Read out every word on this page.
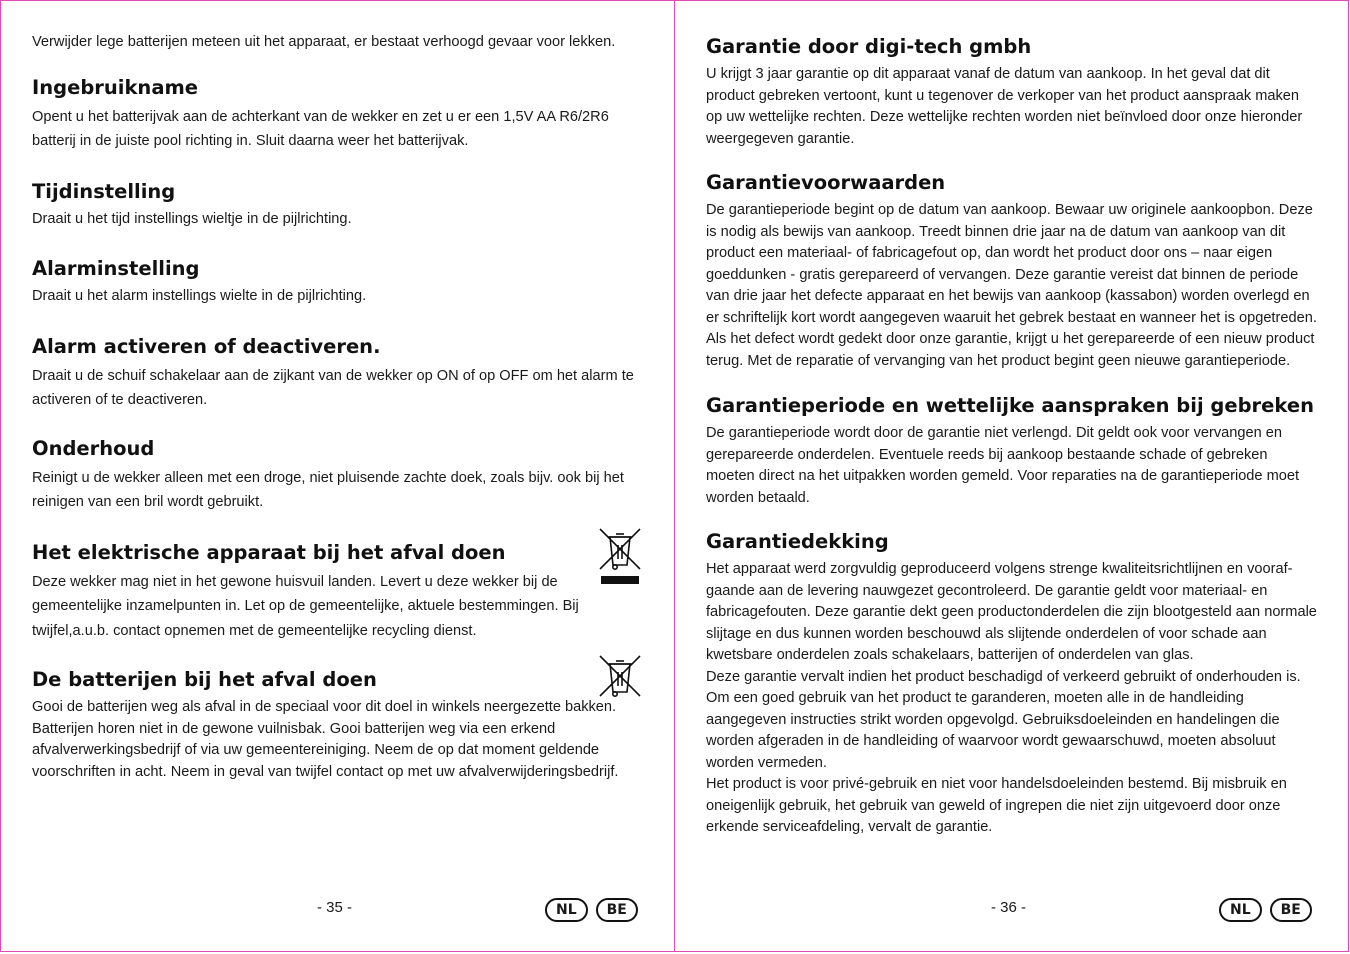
Verwijder lege batterijen meteen uit het apparaat, er bestaat verhoogd gevaar voor lekken.

Ingebruikname

Opent u het batterijvak aan de achterkant van de wekker en zet u er een 1,5V AA R6/2R6 batterij in de juiste pool richting in. Sluit daarna weer het batterijvak.

Tijdinstelling

Draait u het tijd instellings wieltje in de pijlrichting.

Alarminstelling

Draait u het alarm instellings wielte in de pijlrichting.

Alarm activeren of deactiveren.

Draait u de schuif schakelaar aan de zijkant van de wekker op ON of op OFF om het alarm te activeren of te deactiveren.

Onderhoud

Reinigt u de wekker alleen met een droge, niet pluisende zachte doek, zoals bijv. ook bij het reinigen van een bril wordt gebruikt.

Het elektrische apparaat bij het afval doen

Deze wekker mag niet in het gewone huisvuil landen. Levert u deze wekker bij de gemeentelijke inzamelpunten in. Let op de gemeentelijke, aktuele bestemmingen. Bij twijfel,a.u.b. contact opnemen met de gemeentelijke recycling dienst.

De batterijen bij het afval doen

Gooi de batterijen weg als afval in de speciaal voor dit doel in winkels neergezette bakken. Batterijen horen niet in de gewone vuilnisbak. Gooi batterijen weg via een erkend afvalverwerkingsbedrijf of via uw gemeentereiniging. Neem de op dat moment geldende voorschriften in acht. Neem in geval van twijfel contact op met uw afvalverwijderingsbedrijf.

- 35 -	NL	BE
Garantie door digi-tech gmbh

U krijgt 3 jaar garantie op dit apparaat vanaf de datum van aankoop. In het geval dat dit product gebreken vertoont, kunt u tegenover de verkoper van het product aanspraak maken op uw wettelijke rechten. Deze wettelijke rechten worden niet beïnvloed door onze hieronder weergegeven garantie.

Garantievoorwaarden

De garantieperiode begint op de datum van aankoop. Bewaar uw originele aankoopbon. Deze is nodig als bewijs van aankoop. Treedt binnen drie jaar na de datum van aankoop van dit product een materiaal- of fabricagefout op, dan wordt het product door ons – naar eigen goeddunken - gratis gerepareerd of vervangen. Deze garantie vereist dat binnen de periode van drie jaar het defecte apparaat en het bewijs van aankoop (kassabon) worden overlegd en er schriftelijk kort wordt aangegeven waaruit het gebrek bestaat en wanneer het is opgetreden. Als het defect wordt gedekt door onze garantie, krijgt u het gerepareerde of een nieuw product terug. Met de reparatie of vervanging van het product begint geen nieuwe garantieperiode.

Garantieperiode en wettelijke aanspraken bij gebreken

De garantieperiode wordt door de garantie niet verlengd. Dit geldt ook voor vervangen en gerepareerde onderdelen. Eventuele reeds bij aankoop bestaande schade of gebreken moeten direct na het uitpakken worden gemeld. Voor reparaties na de garantieperiode moet worden betaald.

Garantiedekking

Het apparaat werd zorgvuldig geproduceerd volgens strenge kwaliteitsrichtlijnen en voorafgaande aan de levering nauwgezet gecontroleerd. De garantie geldt voor materiaal- en fabricagefouten. Deze garantie dekt geen productonderdelen die zijn blootgesteld aan normale slijtage en dus kunnen worden beschouwd als slijtende onderdelen of voor schade aan kwetsbare onderdelen zoals schakelaars, batterijen of onderdelen van glas.

Deze garantie vervalt indien het product beschadigd of verkeerd gebruikt of onderhouden is. Om een goed gebruik van het product te garanderen, moeten alle in de handleiding aangegeven instructies strikt worden opgevolgd. Gebruiksdoeleinden en handelingen die worden afgeraden in de handleiding of waarvoor wordt gewaarschuwd, moeten absoluut worden vermeden.

Het product is voor privé-gebruik en niet voor handelsdoeleinden bestemd. Bij misbruik en oneigenlijk gebruik, het gebruik van geweld of ingrepen die niet zijn uitgevoerd door onze erkende serviceafdeling, vervalt de garantie.

- 36 -	NL	BE
